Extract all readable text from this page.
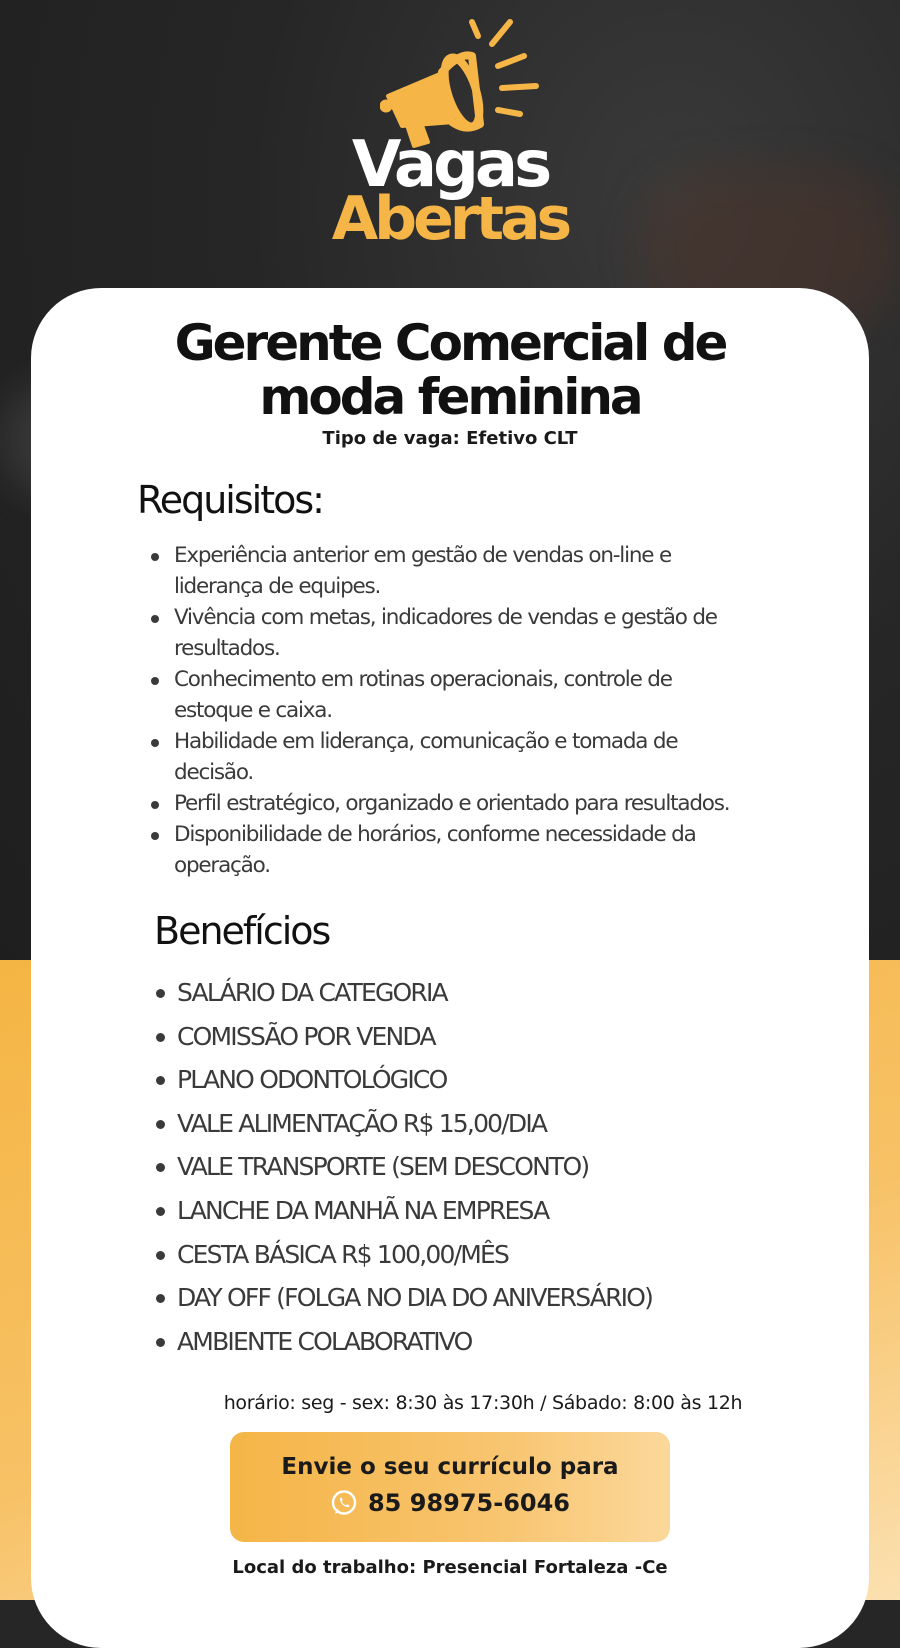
Vagas
Abertas
Gerente Comercial de
moda feminina
Tipo de vaga: Efetivo CLT
Requisitos:
Experiência anterior em gestão de vendas on-line e liderança de equipes.
Vivência com metas, indicadores de vendas e gestão de resultados.
Conhecimento em rotinas operacionais, controle de estoque e caixa.
Habilidade em liderança, comunicação e tomada de decisão.
Perfil estratégico, organizado e orientado para resultados.
Disponibilidade de horários, conforme necessidade da operação.
Benefícios
SALÁRIO DA CATEGORIA
COMISSÃO POR VENDA
PLANO ODONTOLÓGICO
VALE ALIMENTAÇÃO R$ 15,00/DIA
VALE TRANSPORTE (SEM DESCONTO)
LANCHE DA MANHÃ NA EMPRESA
CESTA BÁSICA R$ 100,00/MÊS
DAY OFF (FOLGA NO DIA DO ANIVERSÁRIO)
AMBIENTE COLABORATIVO
horário: seg - sex: 8:30 às 17:30h / Sábado: 8:00 às 12h
Envie o seu currículo para
85 98975-6046
Local do trabalho: Presencial Fortaleza -Ce
